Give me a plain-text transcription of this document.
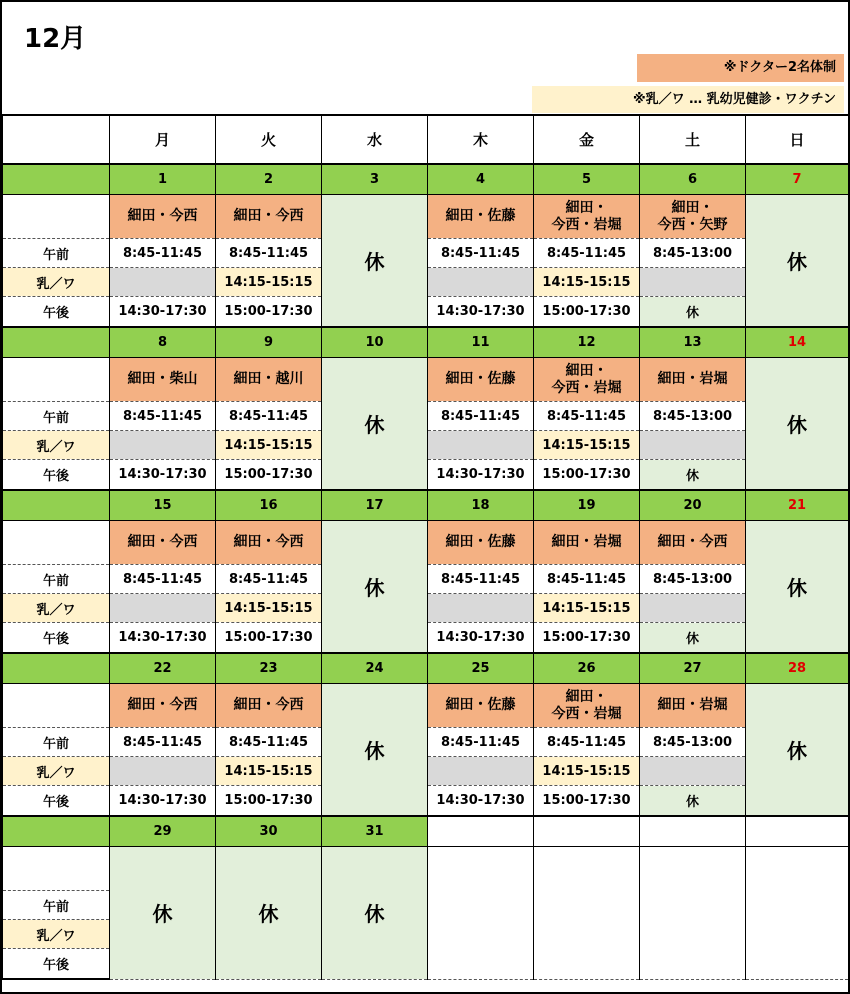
12月
※ドクター2名体制
※乳／ワ … 乳幼児健診・ワクチン
	月	火	水	木	金	土	日
	1	2	3	4	5	6	7
	細田・今西	細田・今西	休	細田・佐藤	細田・
今西・岩堀	細田・
今西・矢野	休
午前	8:45-11:45	8:45-11:45		8:45-11:45	8:45-11:45	8:45-13:00	
乳／ワ		14:15-15:15			14:15-15:15		
午後	14:30-17:30	15:00-17:30		14:30-17:30	15:00-17:30	休	
	8	9	10	11	12	13	14
	細田・柴山	細田・越川	休	細田・佐藤	細田・
今西・岩堀	細田・岩堀	休
午前	8:45-11:45	8:45-11:45		8:45-11:45	8:45-11:45	8:45-13:00	
乳／ワ		14:15-15:15			14:15-15:15		
午後	14:30-17:30	15:00-17:30		14:30-17:30	15:00-17:30	休	
	15	16	17	18	19	20	21
	細田・今西	細田・今西	休	細田・佐藤	細田・岩堀	細田・今西	休
午前	8:45-11:45	8:45-11:45		8:45-11:45	8:45-11:45	8:45-13:00	
乳／ワ		14:15-15:15			14:15-15:15		
午後	14:30-17:30	15:00-17:30		14:30-17:30	15:00-17:30	休	
	22	23	24	25	26	27	28
	細田・今西	細田・今西	休	細田・佐藤	細田・
今西・岩堀	細田・岩堀	休
午前	8:45-11:45	8:45-11:45		8:45-11:45	8:45-11:45	8:45-13:00	
乳／ワ		14:15-15:15			14:15-15:15		
午後	14:30-17:30	15:00-17:30		14:30-17:30	15:00-17:30	休	
	29	30	31				
	休	休	休				
午前							
乳／ワ							
午後							
